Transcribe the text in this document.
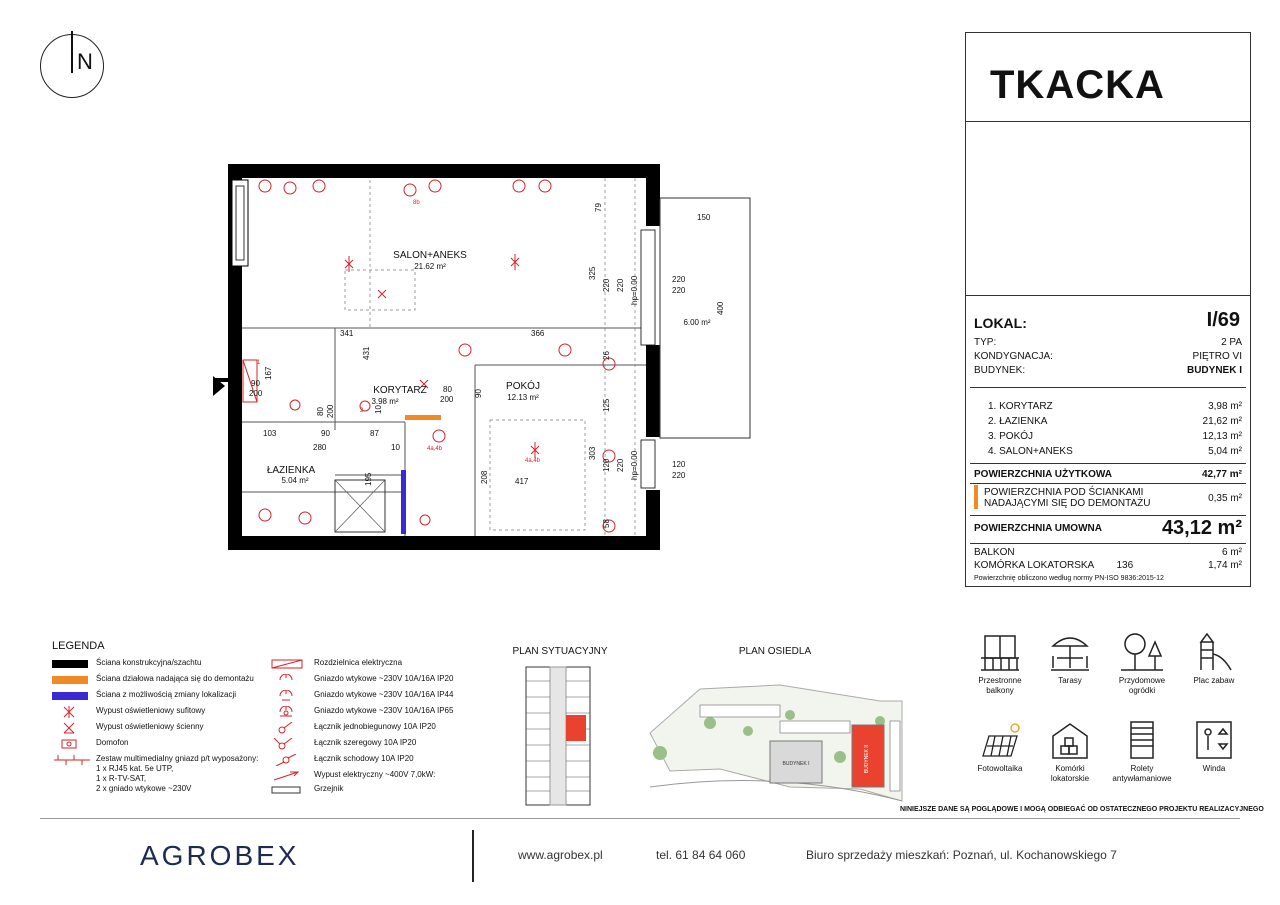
N
SALON+ANEKS
21.62 m²
KORYTARZ
3.98 m²
POKÓJ
12.13 m²
ŁAZIENKA
5.04 m²
6.00 m²
341	366
150
400
325
79
220 220	220
220
hp=0.00
26
125
303
120 220 hp=0.00	120
220
58
417
208
431
167
90
200
103	90
280
87
10
10
195
80 200
80
200
90
4a,4b
4a,4b
8b
2
1
TKACKA
LOKAL:	I/69
TYP:	2 PA
KONDYGNACJA:	PIĘTRO VI
BUDYNEK:	BUDYNEK I
1. KORYTARZ	3,98 m²
2. ŁAZIENKA	21,62 m²
3. POKÓJ	12,13 m²
4. SALON+ANEKS	5,04 m²
POWIERZCHNIA UŻYTKOWA	42,77 m²
POWIERZCHNIA POD ŚCIANKAMI
NADAJĄCYMI SIĘ DO DEMONTAŻU	0,35 m²
POWIERZCHNIA UMOWNA	43,12 m²
BALKON	6 m²
KOMÓRKA LOKATORSKA 136	1,74 m²
Powierzchnię obliczono według normy PN-ISO 9836:2015-12
LEGENDA
Ściana konstrukcyjna/szachtu
Ściana działowa nadająca się do demontażu
Ściana z możliwością zmiany lokalizacji
Wypust oświetleniowy sufitowy
Wypust oświetleniowy ścienny
Domofon
Zestaw multimedialny gniazd p/t wyposażony:
1 x RJ45 kat. 5e UTP,
1 x R-TV-SAT,
2 x gniado wtykowe ~230V
Rozdzielnica elektryczna
Gniazdo wtykowe ~230V 10A/16A IP20
Gniazdo wtykowe ~230V 10A/16A IP44
Gniazdo wtykowe ~230V 10A/16A IP65
Łącznik jednobiegunowy 10A IP20
Łącznik szeregowy 10A IP20
Łącznik schodowy 10A IP20
Wypust elektryczny ~400V 7,0kW:
Grzejnik
PLAN SYTUACYJNY	PLAN OSIEDLA
BUDYNEK I	BUDYNEK II
Przestronne
balkony
Tarasy	Przydomowe
ogródki
Plac zabaw
Fotowoltaika	Komórki
lokatorskie
Rolety
antywłamaniowe
Winda
NINIEJSZE DANE SĄ POGLĄDOWE I MOGĄ ODBIEGAĆ OD OSTATECZNEGO PROJEKTU REALIZACYJNEGO
AGROBEX	www.agrobex.pl	tel. 61 84 64 060	Biuro sprzedaży mieszkań: Poznań, ul. Kochanowskiego 7
